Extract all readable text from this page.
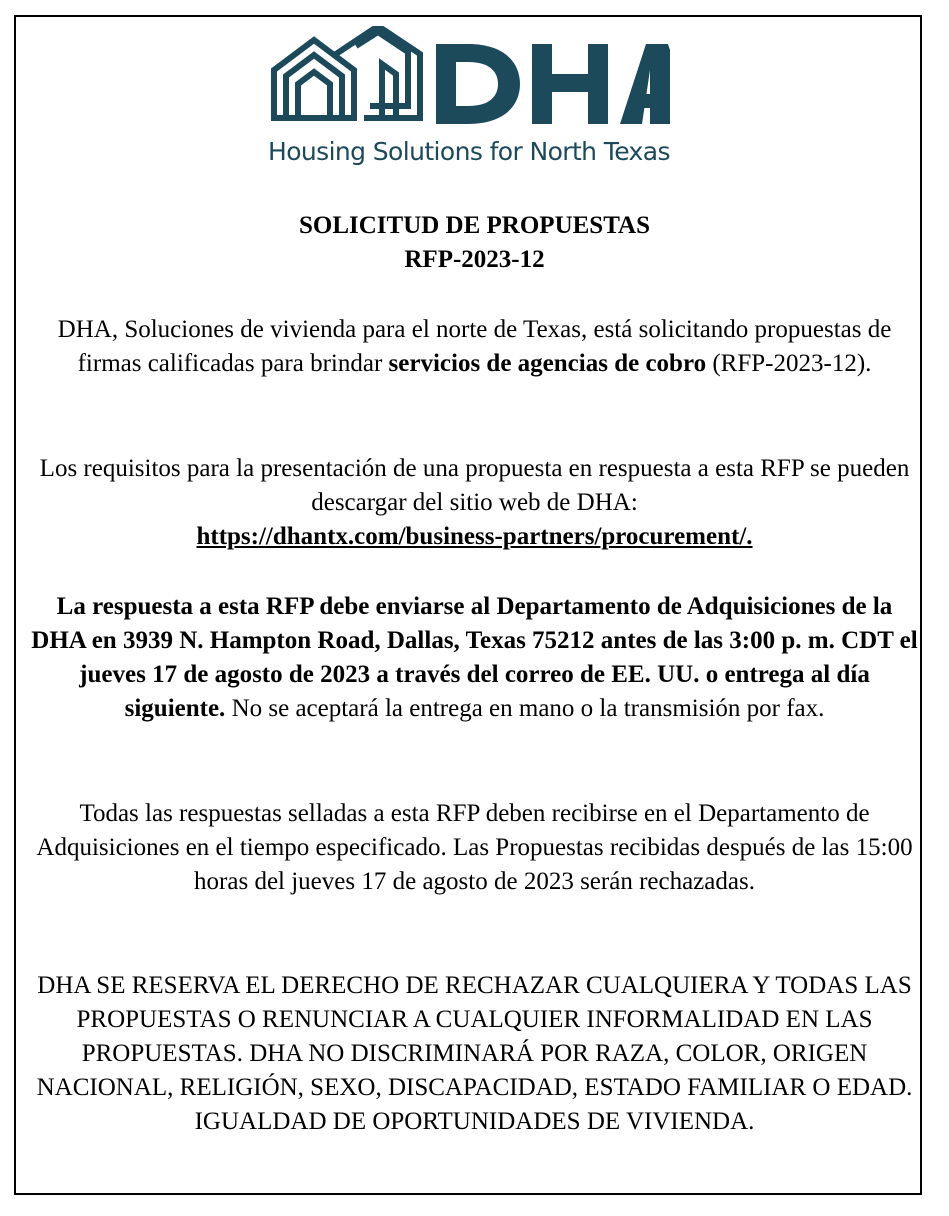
Housing Solutions for North Texas
SOLICITUD DE PROPUESTAS
RFP-2023-12
DHA, Soluciones de vivienda para el norte de Texas, está solicitando propuestas de firmas calificadas para brindar servicios de agencias de cobro (RFP-2023-12).
Los requisitos para la presentación de una propuesta en respuesta a esta RFP se pueden descargar del sitio web de DHA:
https://dhantx.com/business-partners/procurement/.
La respuesta a esta RFP debe enviarse al Departamento de Adquisiciones de la DHA en 3939 N. Hampton Road, Dallas, Texas 75212 antes de las 3:00 p. m. CDT el jueves 17 de agosto de 2023 a través del correo de EE. UU. o entrega al día siguiente. No se aceptará la entrega en mano o la transmisión por fax.
Todas las respuestas selladas a esta RFP deben recibirse en el Departamento de Adquisiciones en el tiempo especificado. Las Propuestas recibidas después de las 15:00 horas del jueves 17 de agosto de 2023 serán rechazadas.
DHA SE RESERVA EL DERECHO DE RECHAZAR CUALQUIERA Y TODAS LAS PROPUESTAS O RENUNCIAR A CUALQUIER INFORMALIDAD EN LAS PROPUESTAS. DHA NO DISCRIMINARÁ POR RAZA, COLOR, ORIGEN NACIONAL, RELIGIÓN, SEXO, DISCAPACIDAD, ESTADO FAMILIAR O EDAD. IGUALDAD DE OPORTUNIDADES DE VIVIENDA.
